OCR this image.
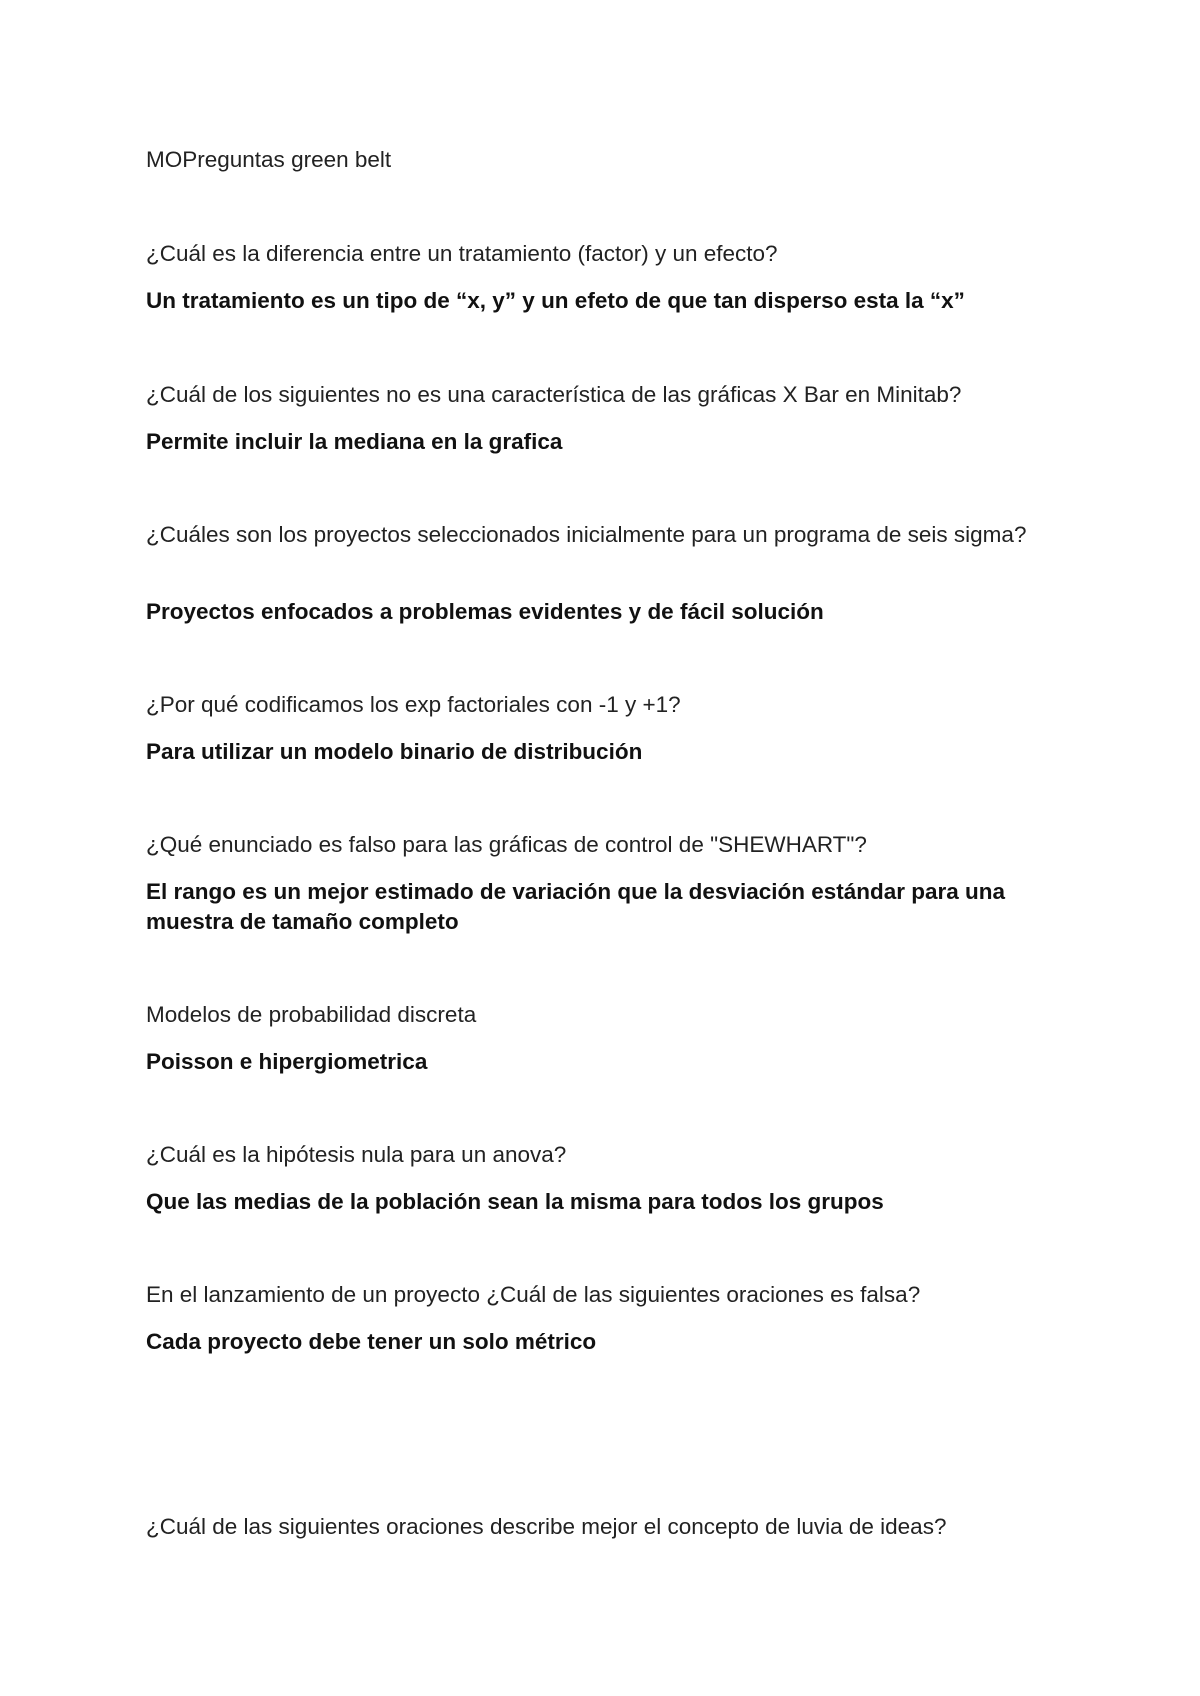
MOPreguntas green belt
¿Cuál es la diferencia entre un tratamiento (factor) y un efecto?
Un tratamiento es un tipo de “x, y” y un efeto de que tan disperso esta la “x”
¿Cuál de los siguientes no es una característica de las gráficas X Bar en Minitab?
Permite incluir la mediana en la grafica
¿Cuáles son los proyectos seleccionados inicialmente para un programa de seis sigma?
Proyectos enfocados a problemas evidentes y de fácil solución
¿Por qué codificamos los exp factoriales con -1 y +1?
Para utilizar un modelo binario de distribución
¿Qué enunciado es falso para las gráficas de control de "SHEWHART"?
El rango es un mejor estimado de variación que la desviación estándar para una muestra de tamaño completo
Modelos de probabilidad discreta
Poisson e hipergiometrica
¿Cuál es la hipótesis nula para un anova?
Que las medias de la población sean la misma para todos los grupos
En el lanzamiento de un proyecto ¿Cuál de las siguientes oraciones es falsa?
Cada proyecto debe tener un solo métrico
¿Cuál de las siguientes oraciones describe mejor el concepto de luvia de ideas?
